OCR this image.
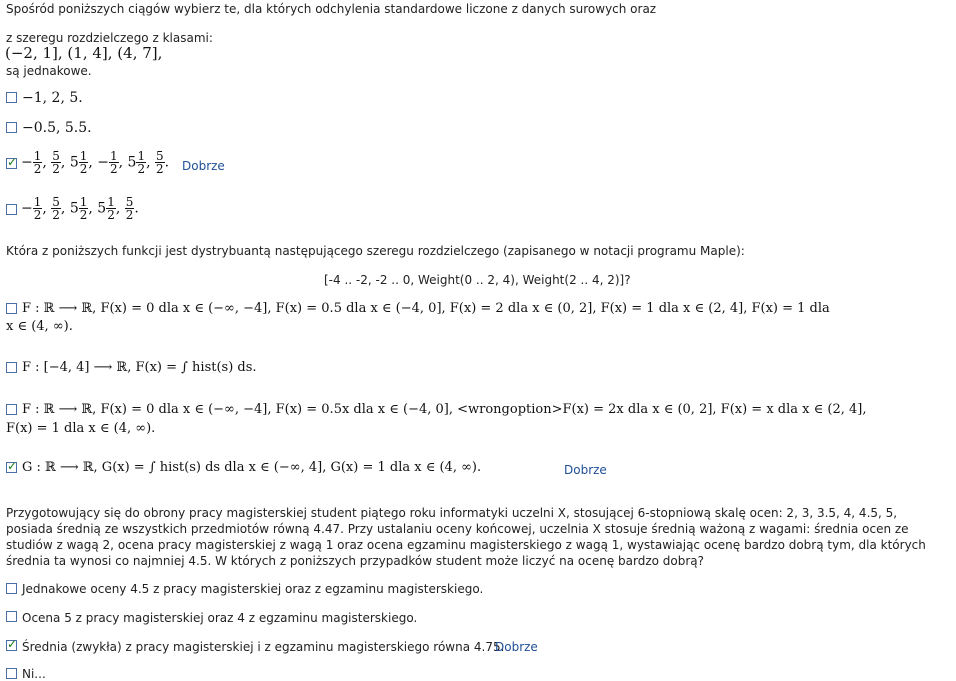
Spośród poniższych ciągów wybierz te, dla których odchylenia standardowe liczone z danych surowych oraz
z szeregu rozdzielczego z klasami:
(−2, 1], (1, 4], (4, 7],
są jednakowe.
−1, 2, 5.
−0.5, 5.5.
✓
− $\frac{1}{2}$ , $\frac{5}{2}$ , $5 \frac{1}{2}$ , − $\frac{1}{2}$ , $5 \frac{1}{2}$ , $\frac{5}{2}$ . Dobrze
− $\frac{1}{2}$ , $\frac{5}{2}$ , $5 \frac{1}{2}$ , $5 \frac{1}{2}$ , $\frac{5}{2}$ .
Która z poniższych funkcji jest dystrybuantą następującego szeregu rozdzielczego (zapisanego w notacji programu Maple):
[-4 .. -2, -2 .. 0, Weight(0 .. 2, 4), Weight(2 .. 4, 2)]?
F : ℝ ⟶ ℝ, F(x) = 0 dla x ∈ (−∞, −4], F(x) = 0.5 dla x ∈ (−4, 0], F(x) = 2 dla x ∈ (0, 2], F(x) = 1 dla x ∈ (2, 4], F(x) = 1 dla
x ∈ (4, ∞).
F : [−4, 4] ⟶ ℝ, F(x) = ∫ hist(s) ds.
F : ℝ ⟶ ℝ, F(x) = 0 dla x ∈ (−∞, −4], F(x) = 0.5x dla x ∈ (−4, 0], <wrongoption>F(x) = 2x dla x ∈ (0, 2], F(x) = x dla x ∈ (2, 4],
F(x) = 1 dla x ∈ (4, ∞).
✓
G : ℝ ⟶ ℝ, G(x) = ∫ hist(s) ds dla x ∈ (−∞, 4], G(x) = 1 dla x ∈ (4, ∞).	Dobrze
Przygotowujący się do obrony pracy magisterskiej student piątego roku informatyki uczelni X, stosującej 6-stopniową skalę ocen: 2, 3, 3.5, 4, 4.5, 5, posiada średnią ze wszystkich przedmiotów równą 4.47. Przy ustalaniu oceny końcowej, uczelnia X stosuje średnią ważoną z wagami: średnia ocen ze studiów z wagą 2, ocena pracy magisterskiej z wagą 1 oraz ocena egzaminu magisterskiego z wagą 1, wystawiając ocenę bardzo dobrą tym, dla których średnia ta wynosi co najmniej 4.5. W których z poniższych przypadków student może liczyć na ocenę bardzo dobrą?
Jednakowe oceny 4.5 z pracy magisterskiej oraz z egzaminu magisterskiego.
Ocena 5 z pracy magisterskiej oraz 4 z egzaminu magisterskiego.
✓
Średnia (zwykła) z pracy magisterskiej i z egzaminu magisterskiego równa 4.75.
Dobrze
Ni...
